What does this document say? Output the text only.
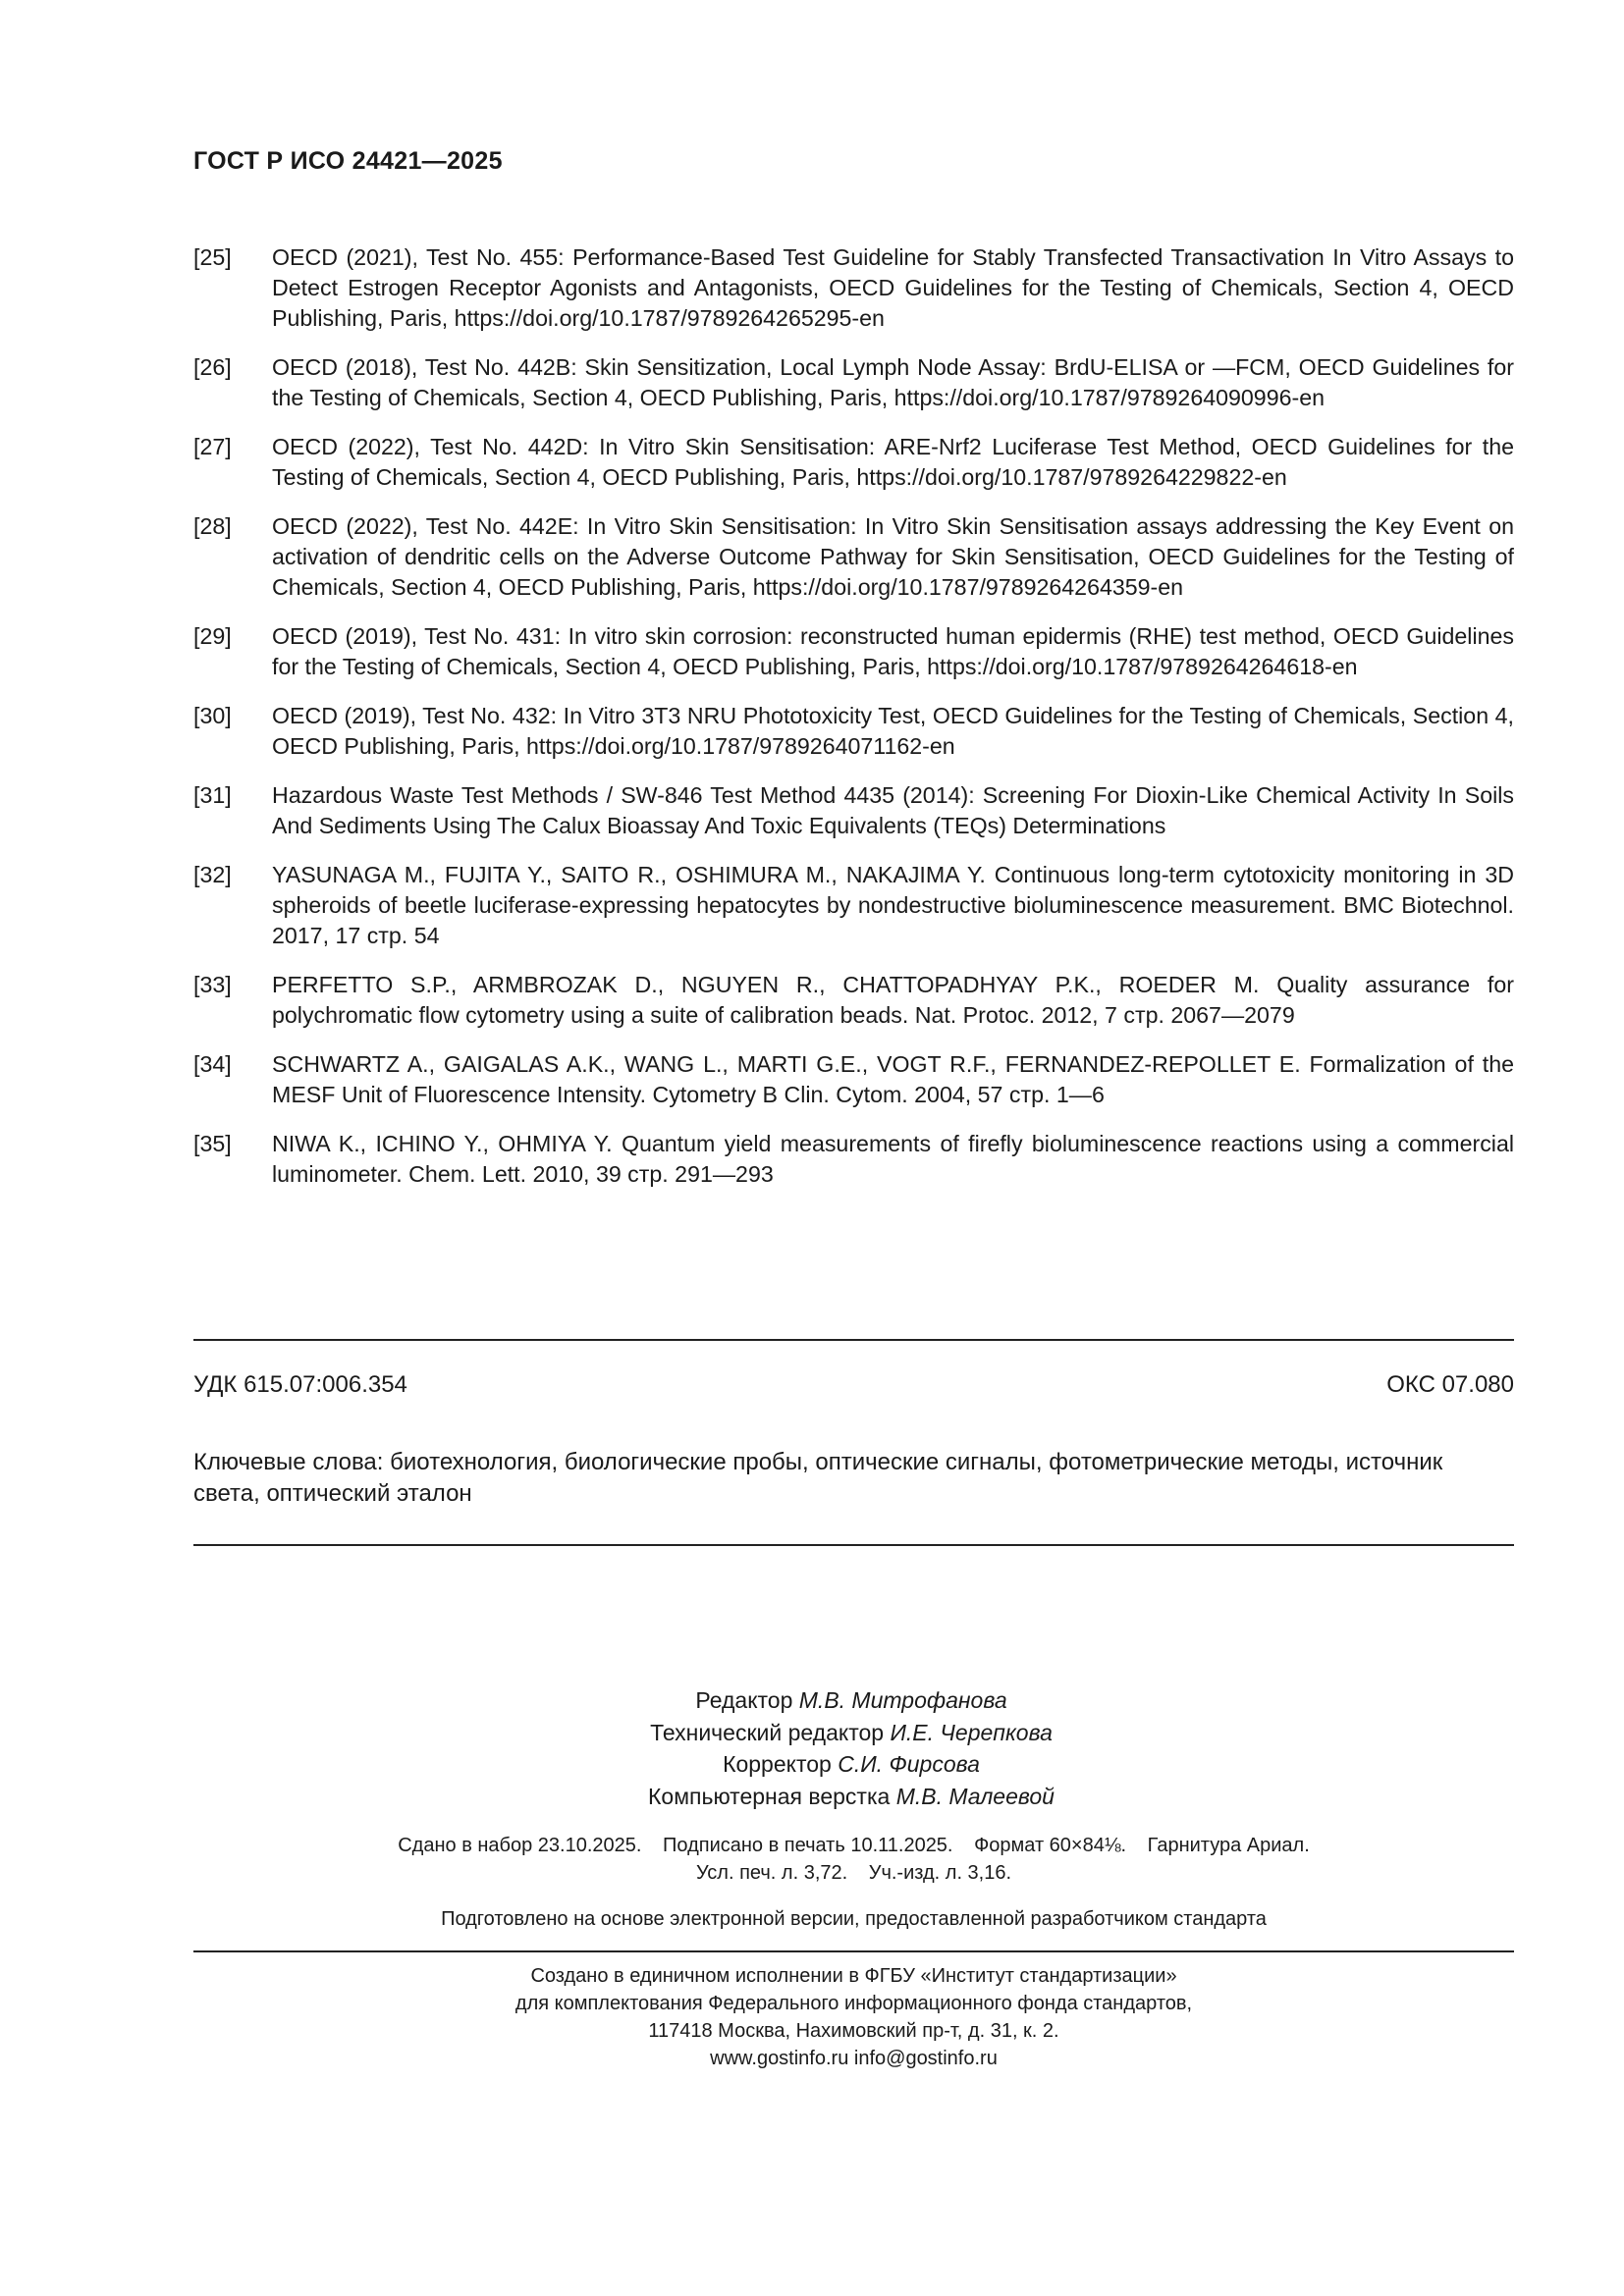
ГОСТ Р ИСО 24421—2025
[25]	OECD (2021), Test No. 455: Performance-Based Test Guideline for Stably Transfected Transactivation In Vitro Assays to Detect Estrogen Receptor Agonists and Antagonists, OECD Guidelines for the Testing of Chemicals, Section 4, OECD Publishing, Paris, https://doi.org/10.1787/9789264265295-en
[26]	OECD (2018), Test No. 442B: Skin Sensitization, Local Lymph Node Assay: BrdU-ELISA or —FCM, OECD Guidelines for the Testing of Chemicals, Section 4, OECD Publishing, Paris, https://doi.org/10.1787/9789264090996-en
[27]	OECD (2022), Test No. 442D: In Vitro Skin Sensitisation: ARE-Nrf2 Luciferase Test Method, OECD Guidelines for the Testing of Chemicals, Section 4, OECD Publishing, Paris, https://doi.org/10.1787/9789264229822-en
[28]	OECD (2022), Test No. 442E: In Vitro Skin Sensitisation: In Vitro Skin Sensitisation assays addressing the Key Event on activation of dendritic cells on the Adverse Outcome Pathway for Skin Sensitisation, OECD Guidelines for the Testing of Chemicals, Section 4, OECD Publishing, Paris, https://doi.org/10.1787/9789264264359-en
[29]	OECD (2019), Test No. 431: In vitro skin corrosion: reconstructed human epidermis (RHE) test method, OECD Guidelines for the Testing of Chemicals, Section 4, OECD Publishing, Paris, https://doi.org/10.1787/9789264264618-en
[30]	OECD (2019), Test No. 432: In Vitro 3T3 NRU Phototoxicity Test, OECD Guidelines for the Testing of Chemicals, Section 4, OECD Publishing, Paris, https://doi.org/10.1787/9789264071162-en
[31]	Hazardous Waste Test Methods / SW-846 Test Method 4435 (2014): Screening For Dioxin-Like Chemical Activity In Soils And Sediments Using The Calux Bioassay And Toxic Equivalents (TEQs) Determinations
[32]	YASUNAGA M., FUJITA Y., SAITO R., OSHIMURA M., NAKAJIMA Y. Continuous long-term cytotoxicity monitoring in 3D spheroids of beetle luciferase-expressing hepatocytes by nondestructive bioluminescence measurement. BMC Biotechnol. 2017, 17 стр. 54
[33]	PERFETTO S.P., ARMBROZAK D., NGUYEN R., CHATTOPADHYAY P.K., ROEDER M. Quality assurance for polychromatic flow cytometry using a suite of calibration beads. Nat. Protoc. 2012, 7 стр. 2067—2079
[34]	SCHWARTZ A., GAIGALAS A.K., WANG L., MARTI G.E., VOGT R.F., FERNANDEZ-REPOLLET E. Formalization of the MESF Unit of Fluorescence Intensity. Cytometry B Clin. Cytom. 2004, 57 стр. 1—6
[35]	NIWA K., ICHINO Y., OHMIYA Y. Quantum yield measurements of firefly bioluminescence reactions using a commercial luminometer. Chem. Lett. 2010, 39 стр. 291—293
УДК 615.07:006.354	ОКС 07.080
Ключевые слова: биотехнология, биологические пробы, оптические сигналы, фотометрические методы, источник света, оптический эталон
Редактор М.В. Митрофанова
Технический редактор И.Е. Черепкова
Корректор С.И. Фирсова
Компьютерная верстка М.В. Малеевой
Сдано в набор 23.10.2025. Подписано в печать 10.11.2025. Формат 60×84⅛. Гарнитура Ариал.
Усл. печ. л. 3,72. Уч.-изд. л. 3,16.
Подготовлено на основе электронной версии, предоставленной разработчиком стандарта
Создано в единичном исполнении в ФГБУ «Институт стандартизации»
для комплектования Федерального информационного фонда стандартов,
117418 Москва, Нахимовский пр-т, д. 31, к. 2.
www.gostinfo.ru info@gostinfo.ru
